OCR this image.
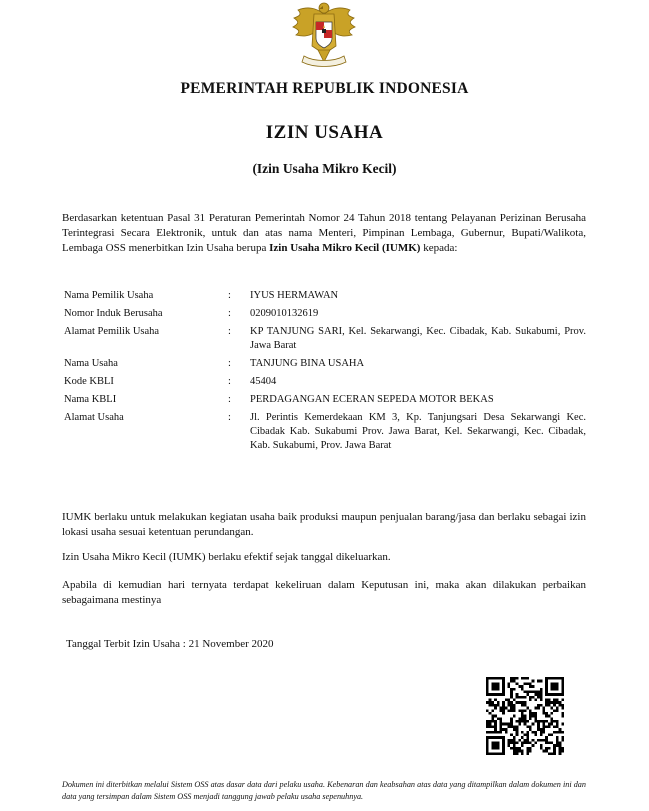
PEMERINTAH REPUBLIK INDONESIA
IZIN USAHA
(Izin Usaha Mikro Kecil)
Berdasarkan ketentuan Pasal 31 Peraturan Pemerintah Nomor 24 Tahun 2018 tentang Pelayanan Perizinan Berusaha Terintegrasi Secara Elektronik, untuk dan atas nama Menteri, Pimpinan Lembaga, Gubernur, Bupati/Walikota, Lembaga OSS menerbitkan Izin Usaha berupa Izin Usaha Mikro Kecil (IUMK) kepada:
Nama Pemilik Usaha	:	IYUS HERMAWAN
Nomor Induk Berusaha	:	0209010132619
Alamat Pemilik Usaha	:	KP TANJUNG SARI, Kel. Sekarwangi, Kec. Cibadak, Kab. Sukabumi, Prov. Jawa Barat
Nama Usaha	:	TANJUNG BINA USAHA
Kode KBLI	:	45404
Nama KBLI	:	PERDAGANGAN ECERAN SEPEDA MOTOR BEKAS
Alamat Usaha	:	Jl. Perintis Kemerdekaan KM 3, Kp. Tanjungsari Desa Sekarwangi Kec. Cibadak Kab. Sukabumi Prov. Jawa Barat, Kel. Sekarwangi, Kec. Cibadak, Kab. Sukabumi, Prov. Jawa Barat
IUMK berlaku untuk melakukan kegiatan usaha baik produksi maupun penjualan barang/jasa dan berlaku sebagai izin lokasi usaha sesuai ketentuan perundangan.
Izin Usaha Mikro Kecil (IUMK) berlaku efektif sejak tanggal dikeluarkan.
Apabila di kemudian hari ternyata terdapat kekeliruan dalam Keputusan ini, maka akan dilakukan perbaikan sebagaimana mestinya
Tanggal Terbit Izin Usaha : 21 November 2020
Dokumen ini diterbitkan melalui Sistem OSS atas dasar data dari pelaku usaha. Kebenaran dan keabsahan atas data yang ditampilkan dalam dokumen ini dan data yang tersimpan dalam Sistem OSS menjadi tanggung jawab pelaku usaha sepenuhnya.
